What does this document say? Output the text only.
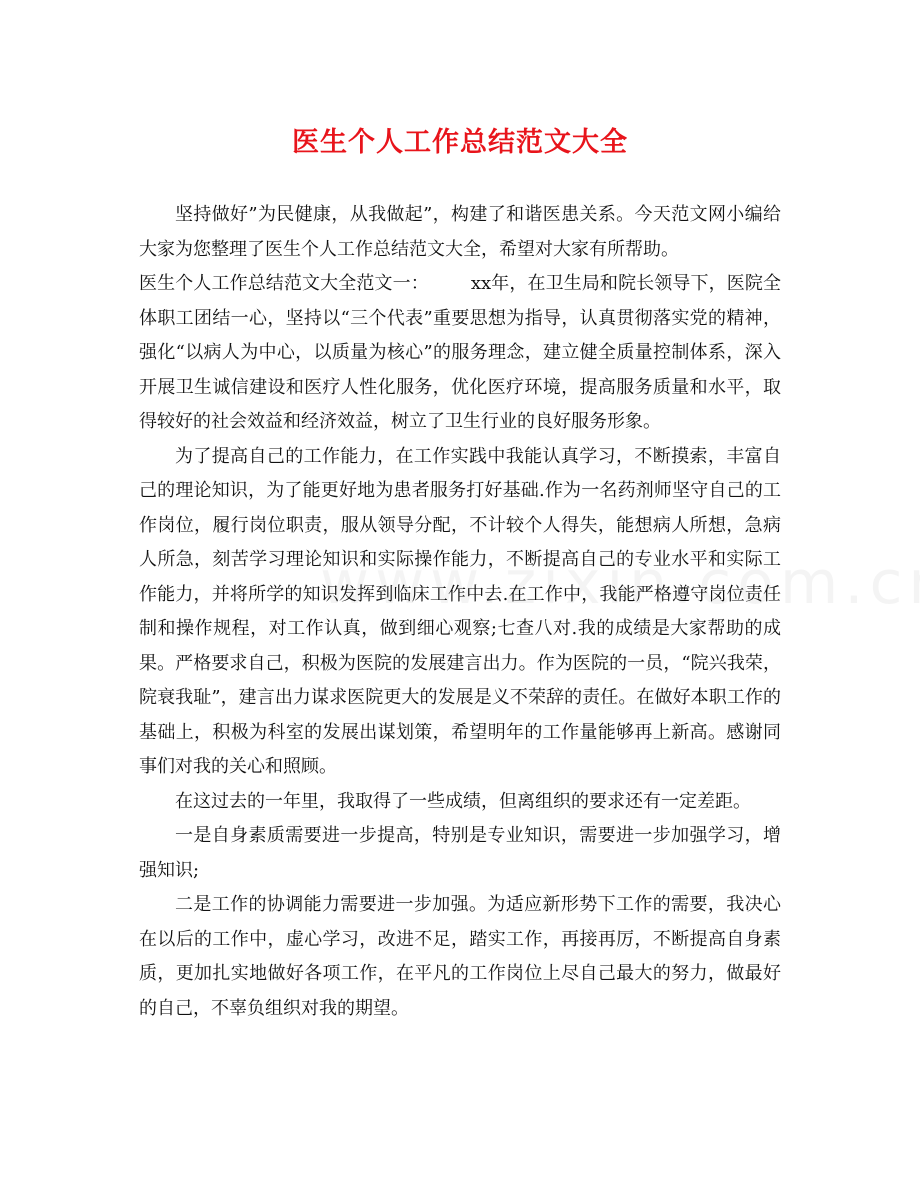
医生个人工作总结范文大全

坚持做好”为民健康，从我做起”，构建了和谐医患关系。今天范文网小编给大家为您整理了医生个人工作总结范文大全，希望对大家有所帮助。

医生个人工作总结范文大全范文一： xx年，在卫生局和院长领导下，医院全体职工团结一心，坚持以“三个代表”重要思想为指导，认真贯彻落实党的精神，强化“以病人为中心，以质量为核心”的服务理念，建立健全质量控制体系，深入开展卫生诚信建设和医疗人性化服务，优化医疗环境，提高服务质量和水平，取得较好的社会效益和经济效益，树立了卫生行业的良好服务形象。

为了提高自己的工作能力，在工作实践中我能认真学习，不断摸索，丰富自己的理论知识，为了能更好地为患者服务打好基础.作为一名药剂师坚守自己的工作岗位，履行岗位职责，服从领导分配，不计较个人得失，能想病人所想，急病人所急，刻苦学习理论知识和实际操作能力，不断提高自己的专业水平和实际工作能力，并将所学的知识发挥到临床工作中去.在工作中，我能严格遵守岗位责任制和操作规程，对工作认真，做到细心观察;七查八对.我的成绩是大家帮助的成果。严格要求自己，积极为医院的发展建言出力。作为医院的一员，“院兴我荣，院衰我耻”，建言出力谋求医院更大的发展是义不荣辞的责任。在做好本职工作的基础上，积极为科室的发展出谋划策，希望明年的工作量能够再上新高。感谢同事们对我的关心和照顾。

在这过去的一年里，我取得了一些成绩，但离组织的要求还有一定差距。

一是自身素质需要进一步提高，特别是专业知识，需要进一步加强学习，增强知识;

二是工作的协调能力需要进一步加强。为适应新形势下工作的需要，我决心在以后的工作中，虚心学习，改进不足，踏实工作，再接再厉，不断提高自身素质，更加扎实地做好各项工作，在平凡的工作岗位上尽自己最大的努力，做最好的自己，不辜负组织对我的期望。
